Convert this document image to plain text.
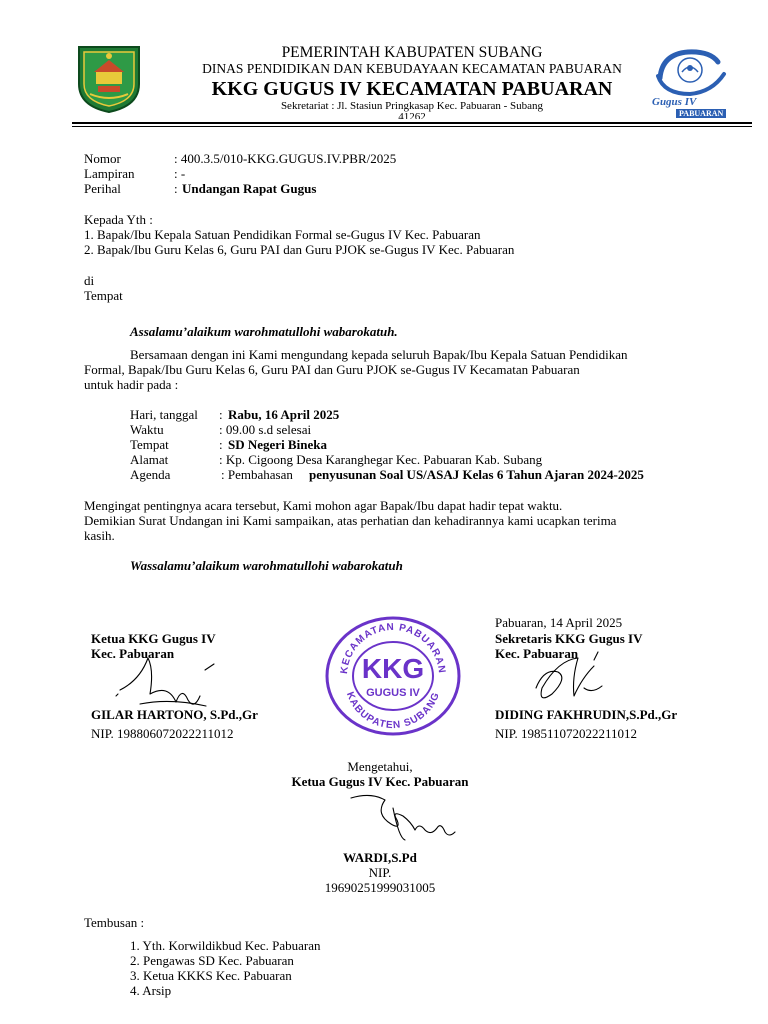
PEMERINTAH KABUPATEN SUBANG
DINAS PENDIDIKAN DAN KEBUDAYAAN KECAMATAN PABUARAN
KKG GUGUS IV KECAMATAN PABUARAN
Sekretariat : Jl. Stasiun Pringkasap Kec. Pabuaran - Subang
41262
Gugus IV
PABUARAN
Nomor	: 400.3.5/010-KKG.GUGUS.IV.PBR/2025
Lampiran	: -
Perihal	: Undangan Rapat Gugus
Kepada Yth :
1. Bapak/Ibu Kepala Satuan Pendidikan Formal se-Gugus IV Kec. Pabuaran
2. Bapak/Ibu Guru Kelas 6, Guru PAI dan Guru PJOK se-Gugus IV Kec. Pabuaran
di
Tempat
Assalamu’alaikum warohmatullohi wabarokatuh.
Bersamaan dengan ini Kami mengundang kepada seluruh Bapak/Ibu Kepala Satuan Pendidikan
Formal, Bapak/Ibu Guru Kelas 6, Guru PAI dan Guru PJOK se-Gugus IV Kecamatan Pabuaran
untuk hadir pada :
Hari, tanggal : Rabu, 16 April 2025
Waktu	: 09.00 s.d selesai
Tempat	: SD Negeri Bineka
Alamat	: Kp. Cigoong Desa Karanghegar Kec. Pabuaran Kab. Subang
Agenda	: Pembahasan penyusunan Soal US/ASAJ Kelas 6 Tahun Ajaran 2024-2025
Mengingat pentingnya acara tersebut, Kami mohon agar Bapak/Ibu dapat hadir tepat waktu.
Demikian Surat Undangan ini Kami sampaikan, atas perhatian dan kehadirannya kami ucapkan terima
kasih.
Wassalamu’alaikum warohmatullohi wabarokatuh
Ketua KKG Gugus IV
Kec. Pabuaran
GILAR HARTONO, S.Pd.,Gr
NIP. 198806072022211012
KECAMATAN PABUARAN
KABUPATEN SUBANG
KKG
GUGUS IV
Pabuaran, 14 April 2025
Sekretaris KKG Gugus IV
Kec. Pabuaran
DIDING FAKHRUDIN,S.Pd.,Gr
NIP. 198511072022211012
Mengetahui,
Ketua Gugus IV Kec. Pabuaran
WARDI,S.Pd
NIP.
19690251999031005
Tembusan :
1. Yth. Korwildikbud Kec. Pabuaran
2. Pengawas SD Kec. Pabuaran
3. Ketua KKKS Kec. Pabuaran
4. Arsip
